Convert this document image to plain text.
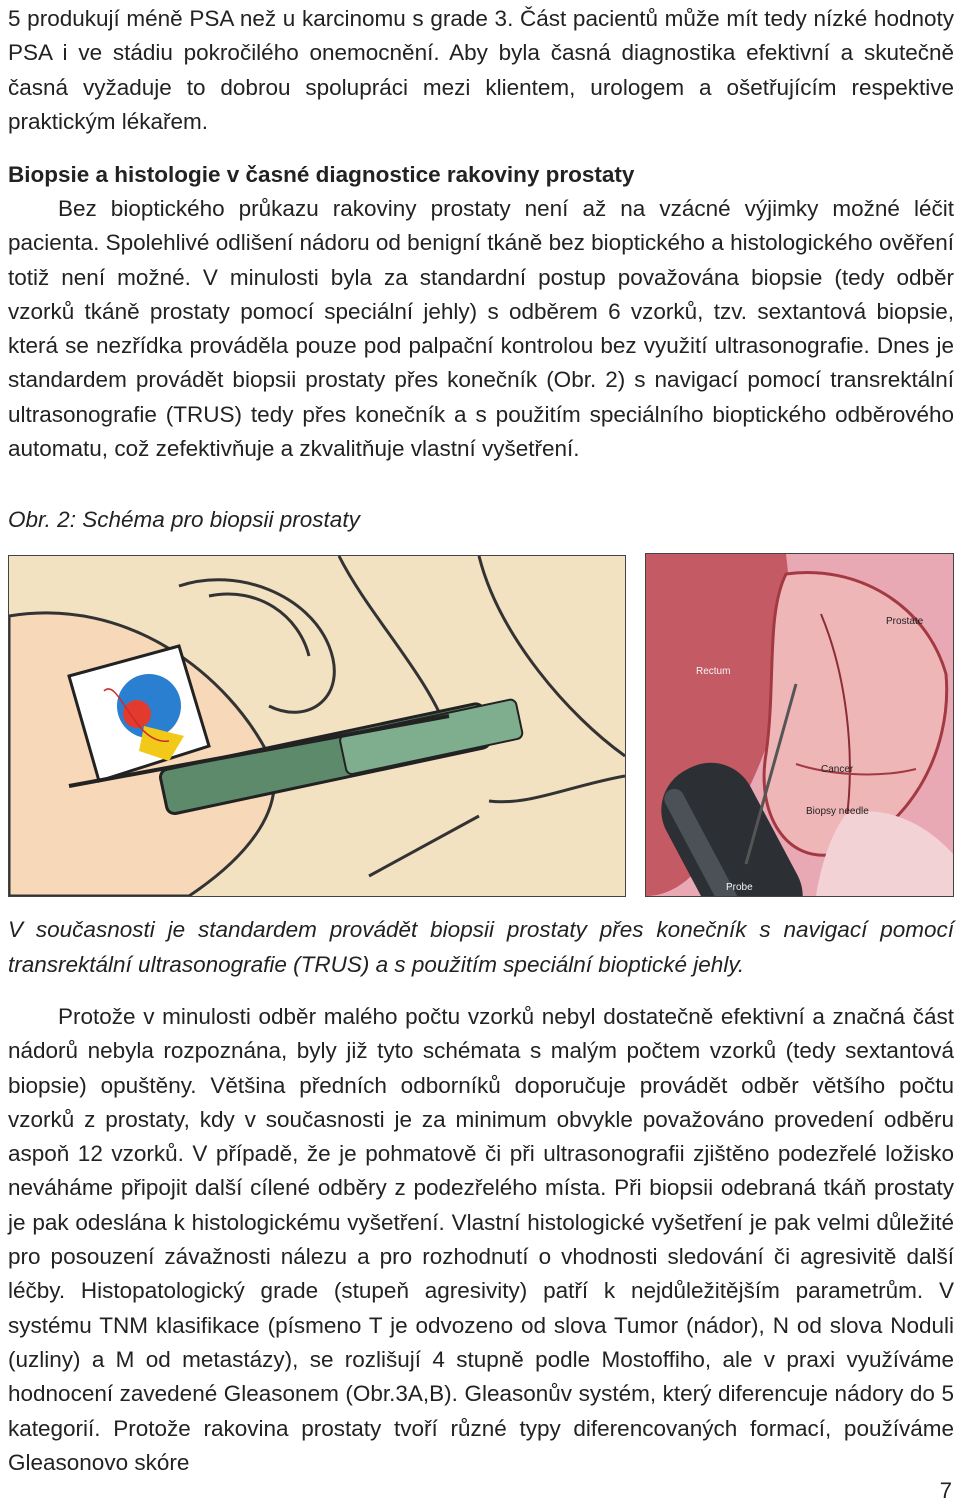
5 produkují méně PSA než u karcinomu s grade 3. Část pacientů může mít tedy nízké hodnoty PSA i ve stádiu pokročilého onemocnění. Aby byla časná diagnostika efektivní a skutečně časná vyžaduje to dobrou spolupráci mezi klientem, urologem a ošetřujícím respektive praktickým lékařem.

Biopsie a histologie v časné diagnostice rakoviny prostaty

Bez bioptického průkazu rakoviny prostaty není až na vzácné výjimky možné léčit pacienta. Spolehlivé odlišení nádoru od benigní tkáně bez bioptického a histologického ověření totiž není možné. V minulosti byla za standardní postup považována biopsie (tedy odběr vzorků tkáně prostaty pomocí speciální jehly) s odběrem 6 vzorků, tzv. sextantová biopsie, která se nezřídka prováděla pouze pod palpační kontrolou bez využití ultrasonografie. Dnes je standardem provádět biopsii prostaty přes konečník (Obr. 2) s navigací pomocí transrektální ultrasonografie (TRUS) tedy přes konečník a s použitím speciálního bioptického odběrového automatu, což zefektivňuje a zkvalitňuje vlastní vyšetření.

Obr. 2: Schéma pro biopsii prostaty
Prostate
Rectum
Cancer
Biopsy needle
Probe
V současnosti je standardem provádět biopsii prostaty přes konečník s navigací pomocí transrektální ultrasonografie (TRUS) a s použitím speciální bioptické jehly.

Protože v minulosti odběr malého počtu vzorků nebyl dostatečně efektivní a značná část nádorů nebyla rozpoznána, byly již tyto schémata s malým počtem vzorků (tedy sextantová biopsie) opuštěny. Většina předních odborníků doporučuje provádět odběr většího počtu vzorků z prostaty, kdy v současnosti je za minimum obvykle považováno provedení odběru aspoň 12 vzorků. V případě, že je pohmatově či při ultrasonografii zjištěno podezřelé ložisko neváháme připojit další cílené odběry z podezřelého místa. Při biopsii odebraná tkáň prostaty je pak odeslána k histologickému vyšetření. Vlastní histologické vyšetření je pak velmi důležité pro posouzení závažnosti nálezu a pro rozhodnutí o vhodnosti sledování či agresivitě další léčby. Histopatologický grade (stupeň agresivity) patří k nejdůležitějším parametrům. V systému TNM klasifikace (písmeno T je odvozeno od slova Tumor (nádor), N od slova Noduli (uzliny) a M od metastázy), se rozlišují 4 stupně podle Mostoffiho, ale v praxi využíváme hodnocení zavedené Gleasonem (Obr.3A,B). Gleasonův systém, který diferencuje nádory do 5 kategorií. Protože rakovina prostaty tvoří různé typy diferencovaných formací, používáme Gleasonovo skóre

7
